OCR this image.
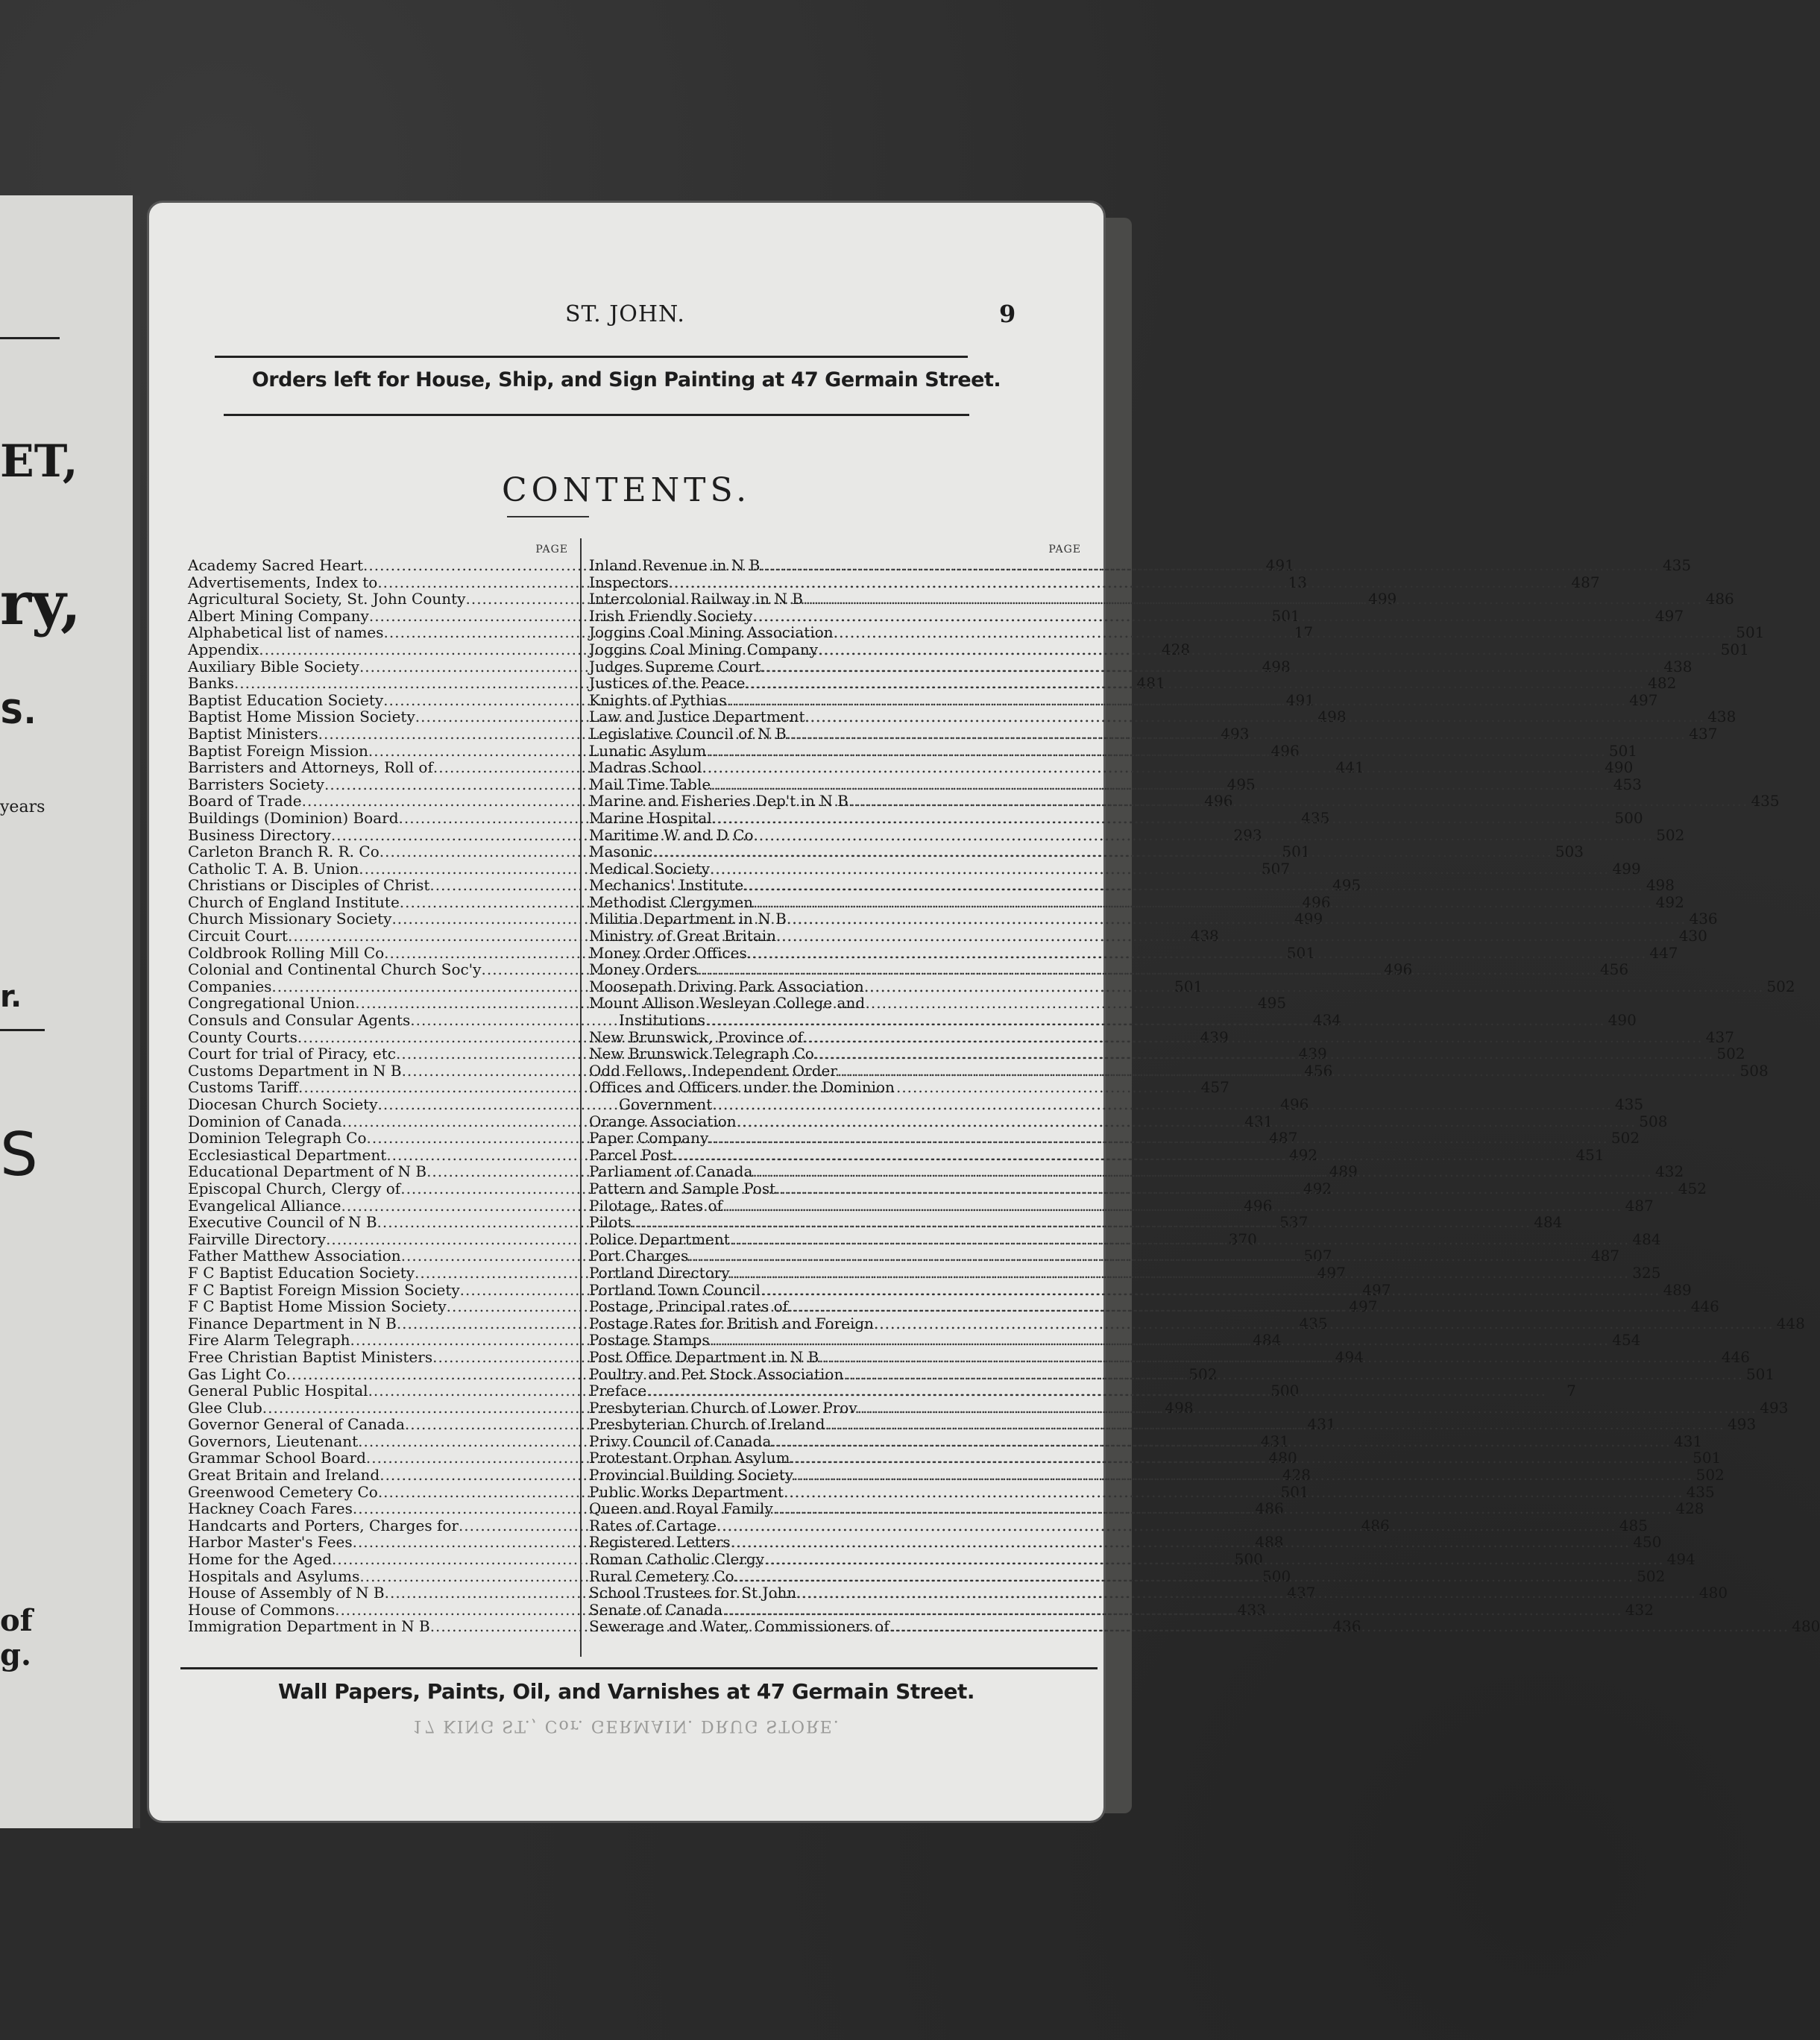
ET,
ry,
S.
years
r.
S
of
g.
ST. JOHN.	9
Orders left for House, Ship, and Sign Painting at 47 Germain Street.
CONTENTS.
PAGE
Academy Sacred Heart .....	491
Advertisements, Index to .....	13
Agricultural Society, St. John County .....	499
Albert Mining Company .....	501
Alphabetical list of names .....	17
Appendix .....	428
Auxiliary Bible Society .....	498
Banks .....	481
Baptist Education Society .....	491
Baptist Home Mission Society .....	498
Baptist Ministers .....	493
Baptist Foreign Mission .....	496
Barristers and Attorneys, Roll of .....	441
Barristers Society .....	495
Board of Trade .....	496
Buildings (Dominion) Board .....	435
Business Directory .....	293
Carleton Branch R. R. Co .....	501
Catholic T. A. B. Union .....	507
Christians or Disciples of Christ .....	495
Church of England Institute .....	496
Church Missionary Society .....	499
Circuit Court .....	438
Coldbrook Rolling Mill Co .....	501
Colonial and Continental Church Soc'y .....	496
Companies .....	501
Congregational Union .....	495
Consuls and Consular Agents .....	434
County Courts .....	439
Court for trial of Piracy, etc .....	439
Customs Department in N B .....	456
Customs Tariff .....	457
Diocesan Church Society .....	496
Dominion of Canada .....	431
Dominion Telegraph Co .....	487
Ecclesiastical Department .....	492
Educational Department of N B .....	489
Episcopal Church, Clergy of .....	492
Evangelical Alliance .....	496
Executive Council of N B .....	537
Fairville Directory .....	370
Father Matthew Association .....	507
F C Baptist Education Society .....	497
F C Baptist Foreign Mission Society .....	497
F C Baptist Home Mission Society .....	497
Finance Department in N B .....	435
Fire Alarm Telegraph .....	484
Free Christian Baptist Ministers .....	494
Gas Light Co .....	502
General Public Hospital .....	500
Glee Club .....	498
Governor General of Canada .....	431
Governors, Lieutenant .....	431
Grammar School Board .....	480
Great Britain and Ireland .....	428
Greenwood Cemetery Co .....	501
Hackney Coach Fares .....	486
Handcarts and Porters, Charges for .....	486
Harbor Master's Fees .....	488
Home for the Aged .....	500
Hospitals and Asylums .....	500
House of Assembly of N B .....	437
House of Commons .....	433
Immigration Department in N B .....	436
PAGE
Inland Revenue in N B .....	435
Inspectors .....	487
Intercolonial Railway in N B .....	486
Irish Friendly Society .....	497
Joggins Coal Mining Association .....	501
Joggins Coal Mining Company .....	501
Judges Supreme Court .....	438
Justices of the Peace .....	482
Knights of Pythias .....	497
Law and Justice Department .....	438
Legislative Council of N B .....	437
Lunatic Asylum .....	501
Madras School .....	490
Mail Time Table .....	453
Marine and Fisheries Dep't in N B .....	435
Marine Hospital .....	500
Maritime W and D Co .....	502
Masonic .....	503
Medical Society .....	499
Mechanics' Institute .....	498
Methodist Clergymen .....	492
Militia Department in N B .....	436
Ministry of Great Britain .....	430
Money Order Offices .....	447
Money Orders .....	456
Moosepath Driving Park Association .....	502
Mount Allison Wesleyan College and
Institutions .....	490
New Brunswick, Province of .....	437
New Brunswick Telegraph Co .....	502
Odd Fellows, Independent Order .....	508
Offices and Officers under the Dominion
Government .....	435
Orange Association .....	508
Paper Company .....	502
Parcel Post .....	451
Parliament of Canada .....	432
Pattern and Sample Post .....	452
Pilotage, Rates of .....	487
Pilots .....	484
Police Department .....	484
Port Charges .....	487
Portland Directory .....	325
Portland Town Council .....	489
Postage, Principal rates of .....	446
Postage Rates for British and Foreign .....	448
Postage Stamps .....	454
Post Office Department in N B .....	446
Poultry and Pet Stock Association .....	501
Preface .....	7
Presbyterian Church of Lower Prov .....	493
Presbyterian Church of Ireland .....	493
Privy Council of Canada .....	431
Protestant Orphan Asylum .....	501
Provincial Building Society .....	502
Public Works Department .....	435
Queen and Royal Family .....	428
Rates of Cartage .....	485
Registered Letters .....	450
Roman Catholic Clergy .....	494
Rural Cemetery Co .....	502
School Trustees for St John .....	480
Senate of Canada .....	432
Sewerage and Water, Commissioners of .....	480
Wall Papers, Paints, Oil, and Varnishes at 47 Germain Street.
17 KING ST., Cor. GERMAIN. DRUG STORE.
